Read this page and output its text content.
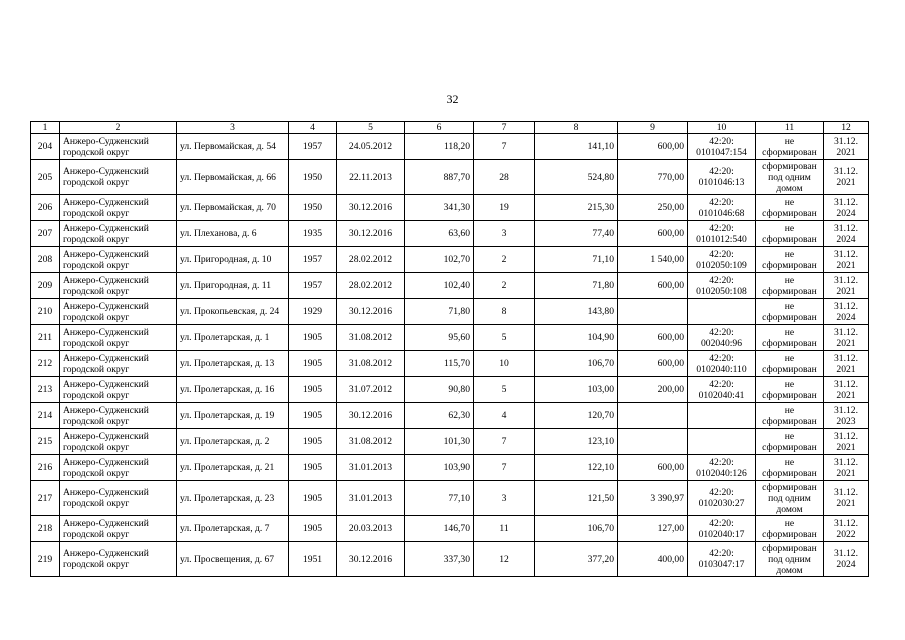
32
1	2	3	4	5	6	7	8	9	10	11	12
204	Анжеро-Судженский городской округ	ул. Первомайская, д. 54	1957	24.05.2012	118,20	7	141,10	600,00	42:20: 0101047:154	не сформирован	31.12. 2021
205	Анжеро-Судженский городской округ	ул. Первомайская, д. 66	1950	22.11.2013	887,70	28	524,80	770,00	42:20: 0101046:13	сформирован под одним домом	31.12. 2021
206	Анжеро-Судженский городской округ	ул. Первомайская, д. 70	1950	30.12.2016	341,30	19	215,30	250,00	42:20: 0101046:68	не сформирован	31.12. 2024
207	Анжеро-Судженский городской округ	ул. Плеханова, д. 6	1935	30.12.2016	63,60	3	77,40	600,00	42:20: 0101012:540	не сформирован	31.12. 2024
208	Анжеро-Судженский городской округ	ул. Пригородная, д. 10	1957	28.02.2012	102,70	2	71,10	1 540,00	42:20: 0102050:109	не сформирован	31.12. 2021
209	Анжеро-Судженский городской округ	ул. Пригородная, д. 11	1957	28.02.2012	102,40	2	71,80	600,00	42:20: 0102050:108	не сформирован	31.12. 2021
210	Анжеро-Судженский городской округ	ул. Прокопьевская, д. 24	1929	30.12.2016	71,80	8	143,80			не сформирован	31.12. 2024
211	Анжеро-Судженский городской округ	ул. Пролетарская, д. 1	1905	31.08.2012	95,60	5	104,90	600,00	42:20: 002040:96	не сформирован	31.12. 2021
212	Анжеро-Судженский городской округ	ул. Пролетарская, д. 13	1905	31.08.2012	115,70	10	106,70	600,00	42:20: 0102040:110	не сформирован	31.12. 2021
213	Анжеро-Судженский городской округ	ул. Пролетарская, д. 16	1905	31.07.2012	90,80	5	103,00	200,00	42:20: 0102040:41	не сформирован	31.12. 2021
214	Анжеро-Судженский городской округ	ул. Пролетарская, д. 19	1905	30.12.2016	62,30	4	120,70			не сформирован	31.12. 2023
215	Анжеро-Судженский городской округ	ул. Пролетарская, д. 2	1905	31.08.2012	101,30	7	123,10			не сформирован	31.12. 2021
216	Анжеро-Судженский городской округ	ул. Пролетарская, д. 21	1905	31.01.2013	103,90	7	122,10	600,00	42:20: 0102040:126	не сформирован	31.12. 2021
217	Анжеро-Судженский городской округ	ул. Пролетарская, д. 23	1905	31.01.2013	77,10	3	121,50	3 390,97	42:20: 0102030:27	сформирован под одним домом	31.12. 2021
218	Анжеро-Судженский городской округ	ул. Пролетарская, д. 7	1905	20.03.2013	146,70	11	106,70	127,00	42:20: 0102040:17	не сформирован	31.12. 2022
219	Анжеро-Судженский городской округ	ул. Просвещения, д. 67	1951	30.12.2016	337,30	12	377,20	400,00	42:20: 0103047:17	сформирован под одним домом	31.12. 2024
